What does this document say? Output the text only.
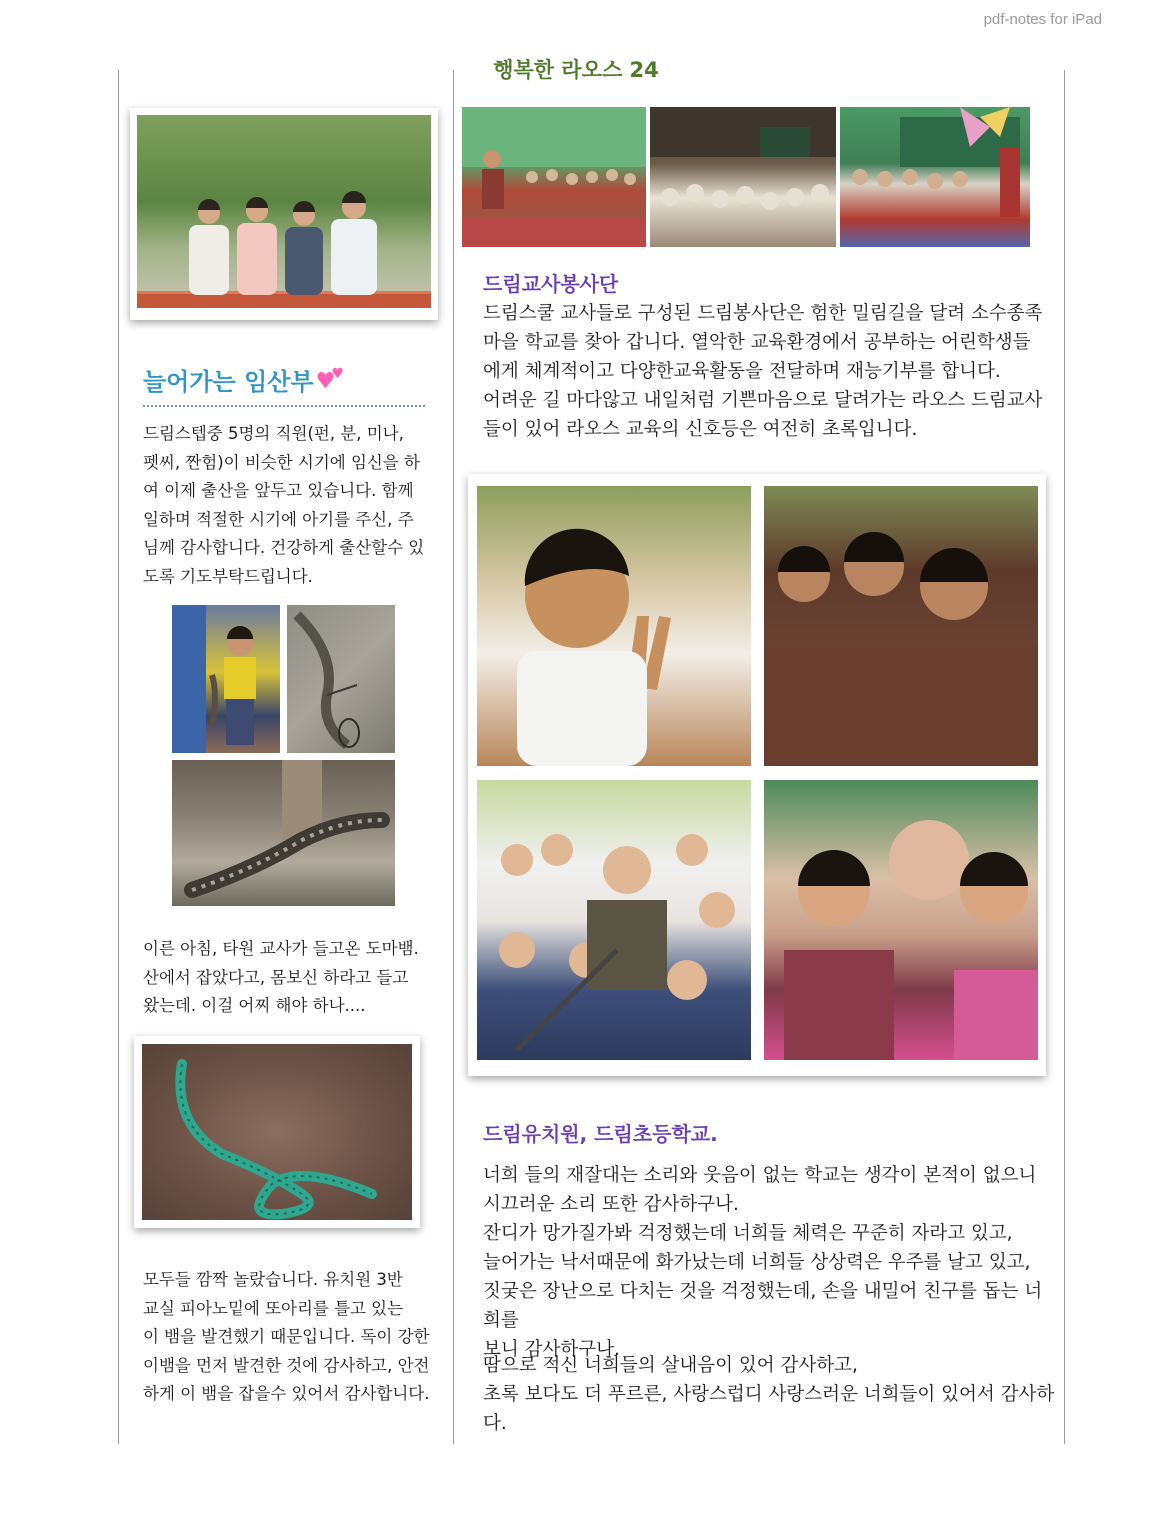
pdf-notes for iPad
행복한 라오스 24
늘어가는 임산부♥♥
드림스텝중 5명의 직원(펀, 분, 미나,
펫씨, 짠험)이 비슷한 시기에 임신을 하
여 이제 출산을 앞두고 있습니다. 함께
일하며 적절한 시기에 아기를 주신, 주
님께 감사합니다. 건강하게 출산할수 있
도록 기도부탁드립니다.
이른 아침, 타원 교사가 들고온 도마뱀.
산에서 잡았다고, 몸보신 하라고 들고
왔는데. 이걸 어찌 해야 하나....
모두들 깜짝 놀랐습니다. 유치원 3반
교실 피아노밑에 또아리를 틀고 있는
이 뱀을 발견했기 때문입니다. 독이 강한
이뱀을 먼저 발견한 것에 감사하고, 안전
하게 이 뱀을 잡을수 있어서 감사합니다.
드림교사봉사단
드림스쿨 교사들로 구성된 드림봉사단은 험한 밀림길을 달려 소수종족
마을 학교를 찾아 갑니다. 열악한 교육환경에서 공부하는 어린학생들
에게 체계적이고 다양한교육활동을 전달하며 재능기부를 합니다.
어려운 길 마다않고 내일처럼 기쁜마음으로 달려가는 라오스 드림교사
들이 있어 라오스 교육의 신호등은 여전히 초록입니다.
드림유치원, 드림초등학교.
너희 들의 재잘대는 소리와 웃음이 없는 학교는 생각이 본적이 없으니
시끄러운 소리 또한 감사하구나.
잔디가 망가질가봐 걱정했는데 너희들 체력은 꾸준히 자라고 있고,
늘어가는 낙서때문에 화가났는데 너희들 상상력은 우주를 날고 있고,
짓궂은 장난으로 다치는 것을 걱정했는데, 손을 내밀어 친구를 돕는 너희를
보니 감사하구나.
땀으로 적신 너희들의 살내음이 있어 감사하고,
초록 보다도 더 푸르른, 사랑스럽디 사랑스러운 너희들이 있어서 감사하다.
